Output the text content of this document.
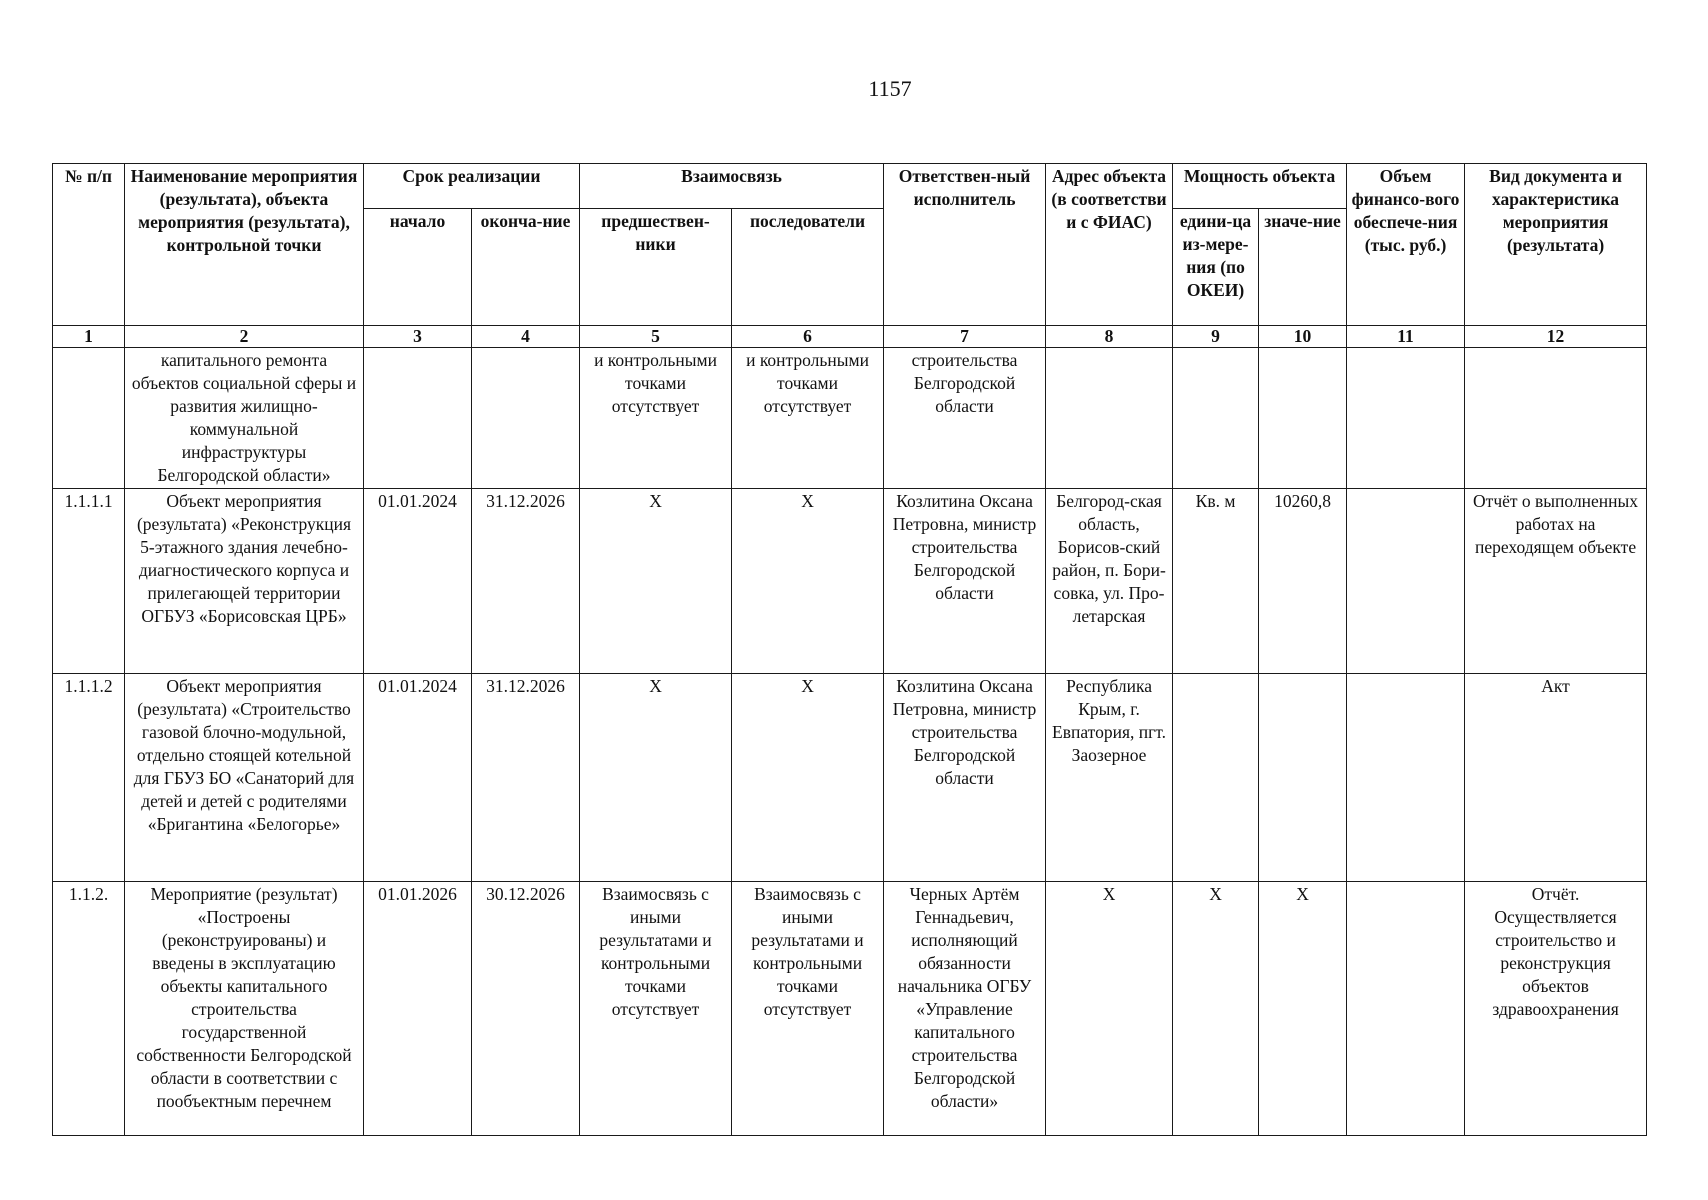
1157
№ п/п	Наименование мероприятия (результата), объекта мероприятия (результата), контрольной точки	Срок реализации		Взаимосвязь		Ответствен-ный исполнитель	Адрес объекта (в соответстви и с ФИАС)	Мощность объекта		Объем финансо-вого обеспече-ния (тыс. руб.)	Вид документа и характеристика мероприятия (результата)
		начало	оконча-ние	предшествен-ники	последователи			едини-ца из-мере-ния (по ОКЕИ)	значе-ние		
1	2	3	4	5	6	7	8	9	10	11	12
	капитального ремонта объектов социальной сферы и развития жилищно-коммунальной инфраструктуры Белгородской области»			и контрольными точками отсутствует	и контрольными точками отсутствует	строительства Белгородской области					
1.1.1.1	Объект мероприятия (результата) «Реконструкция 5-этажного здания лечебно-диагностического корпуса и прилегающей территории ОГБУЗ «Борисовская ЦРБ»	01.01.2024	31.12.2026	X	X	Козлитина Оксана Петровна, министр строительства Белгородской области	Белгород-ская область, Борисов-ский район, п. Бори-совка, ул. Про-летарская	Кв. м	10260,8		Отчёт о выполненных работах на переходящем объекте
1.1.1.2	Объект мероприятия (результата) «Строительство газовой блочно-модульной, отдельно стоящей котельной для ГБУЗ БО «Санаторий для детей и детей с родителями «Бригантина «Белогорье»	01.01.2024	31.12.2026	X	X	Козлитина Оксана Петровна, министр строительства Белгородской области	Республика Крым, г. Евпатория, пгт. Заозерное				Акт
1.1.2.	Мероприятие (результат) «Построены (реконструированы) и введены в эксплуатацию объекты капитального строительства государственной собственности Белгородской области в соответствии с пообъектным перечнем	01.01.2026	30.12.2026	Взаимосвязь с иными результатами и контрольными точками отсутствует	Взаимосвязь с иными результатами и контрольными точками отсутствует	Черных Артём Геннадьевич, исполняющий обязанности начальника ОГБУ «Управление капитального строительства Белгородской области»	X	X	X		Отчёт. Осуществляется строительство и реконструкция объектов здравоохранения
